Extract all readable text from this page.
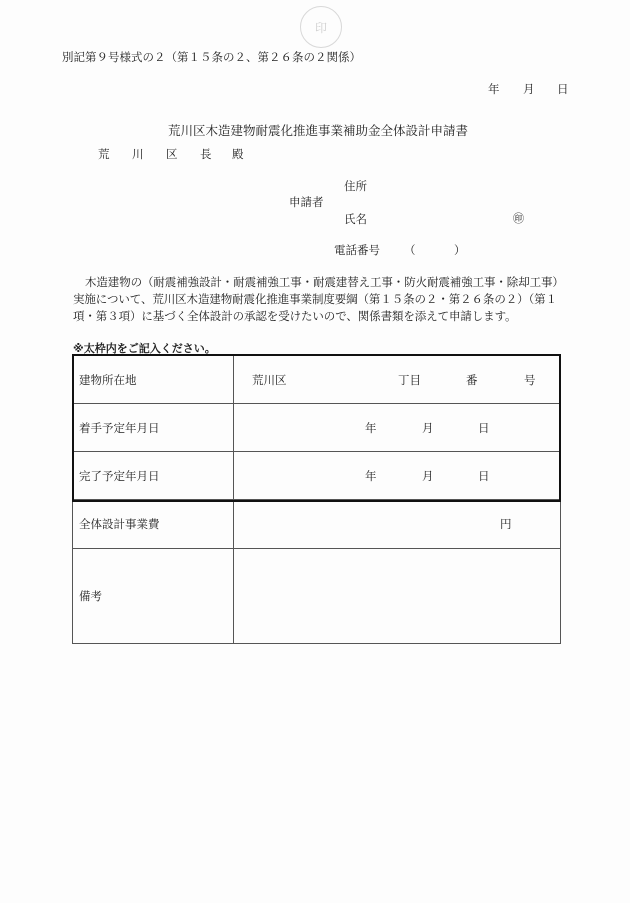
印
別記第９号様式の２（第１５条の２、第２６条の２関係）
年 月 日
荒川区木造建物耐震化推進事業補助金全体設計申請書
荒 川 区 長 殿
住所
申請者
氏名	㊞
電話番号 （	）
木造建物の（耐震補強設計・耐震補強工事・耐震建替え工事・防火耐震補強工事・除却工事）実施について、荒川区木造建物耐震化推進事業制度要綱（第１５条の２・第２６条の２）（第１項・第３項）に基づく全体設計の承認を受けたいので、関係書類を添えて申請します。
※太枠内をご記入ください。
建物所在地	荒川区 丁目 番 号

着手予定年月日	年 月 日

完了予定年月日	年 月 日

全体設計事業費	円

備考	
